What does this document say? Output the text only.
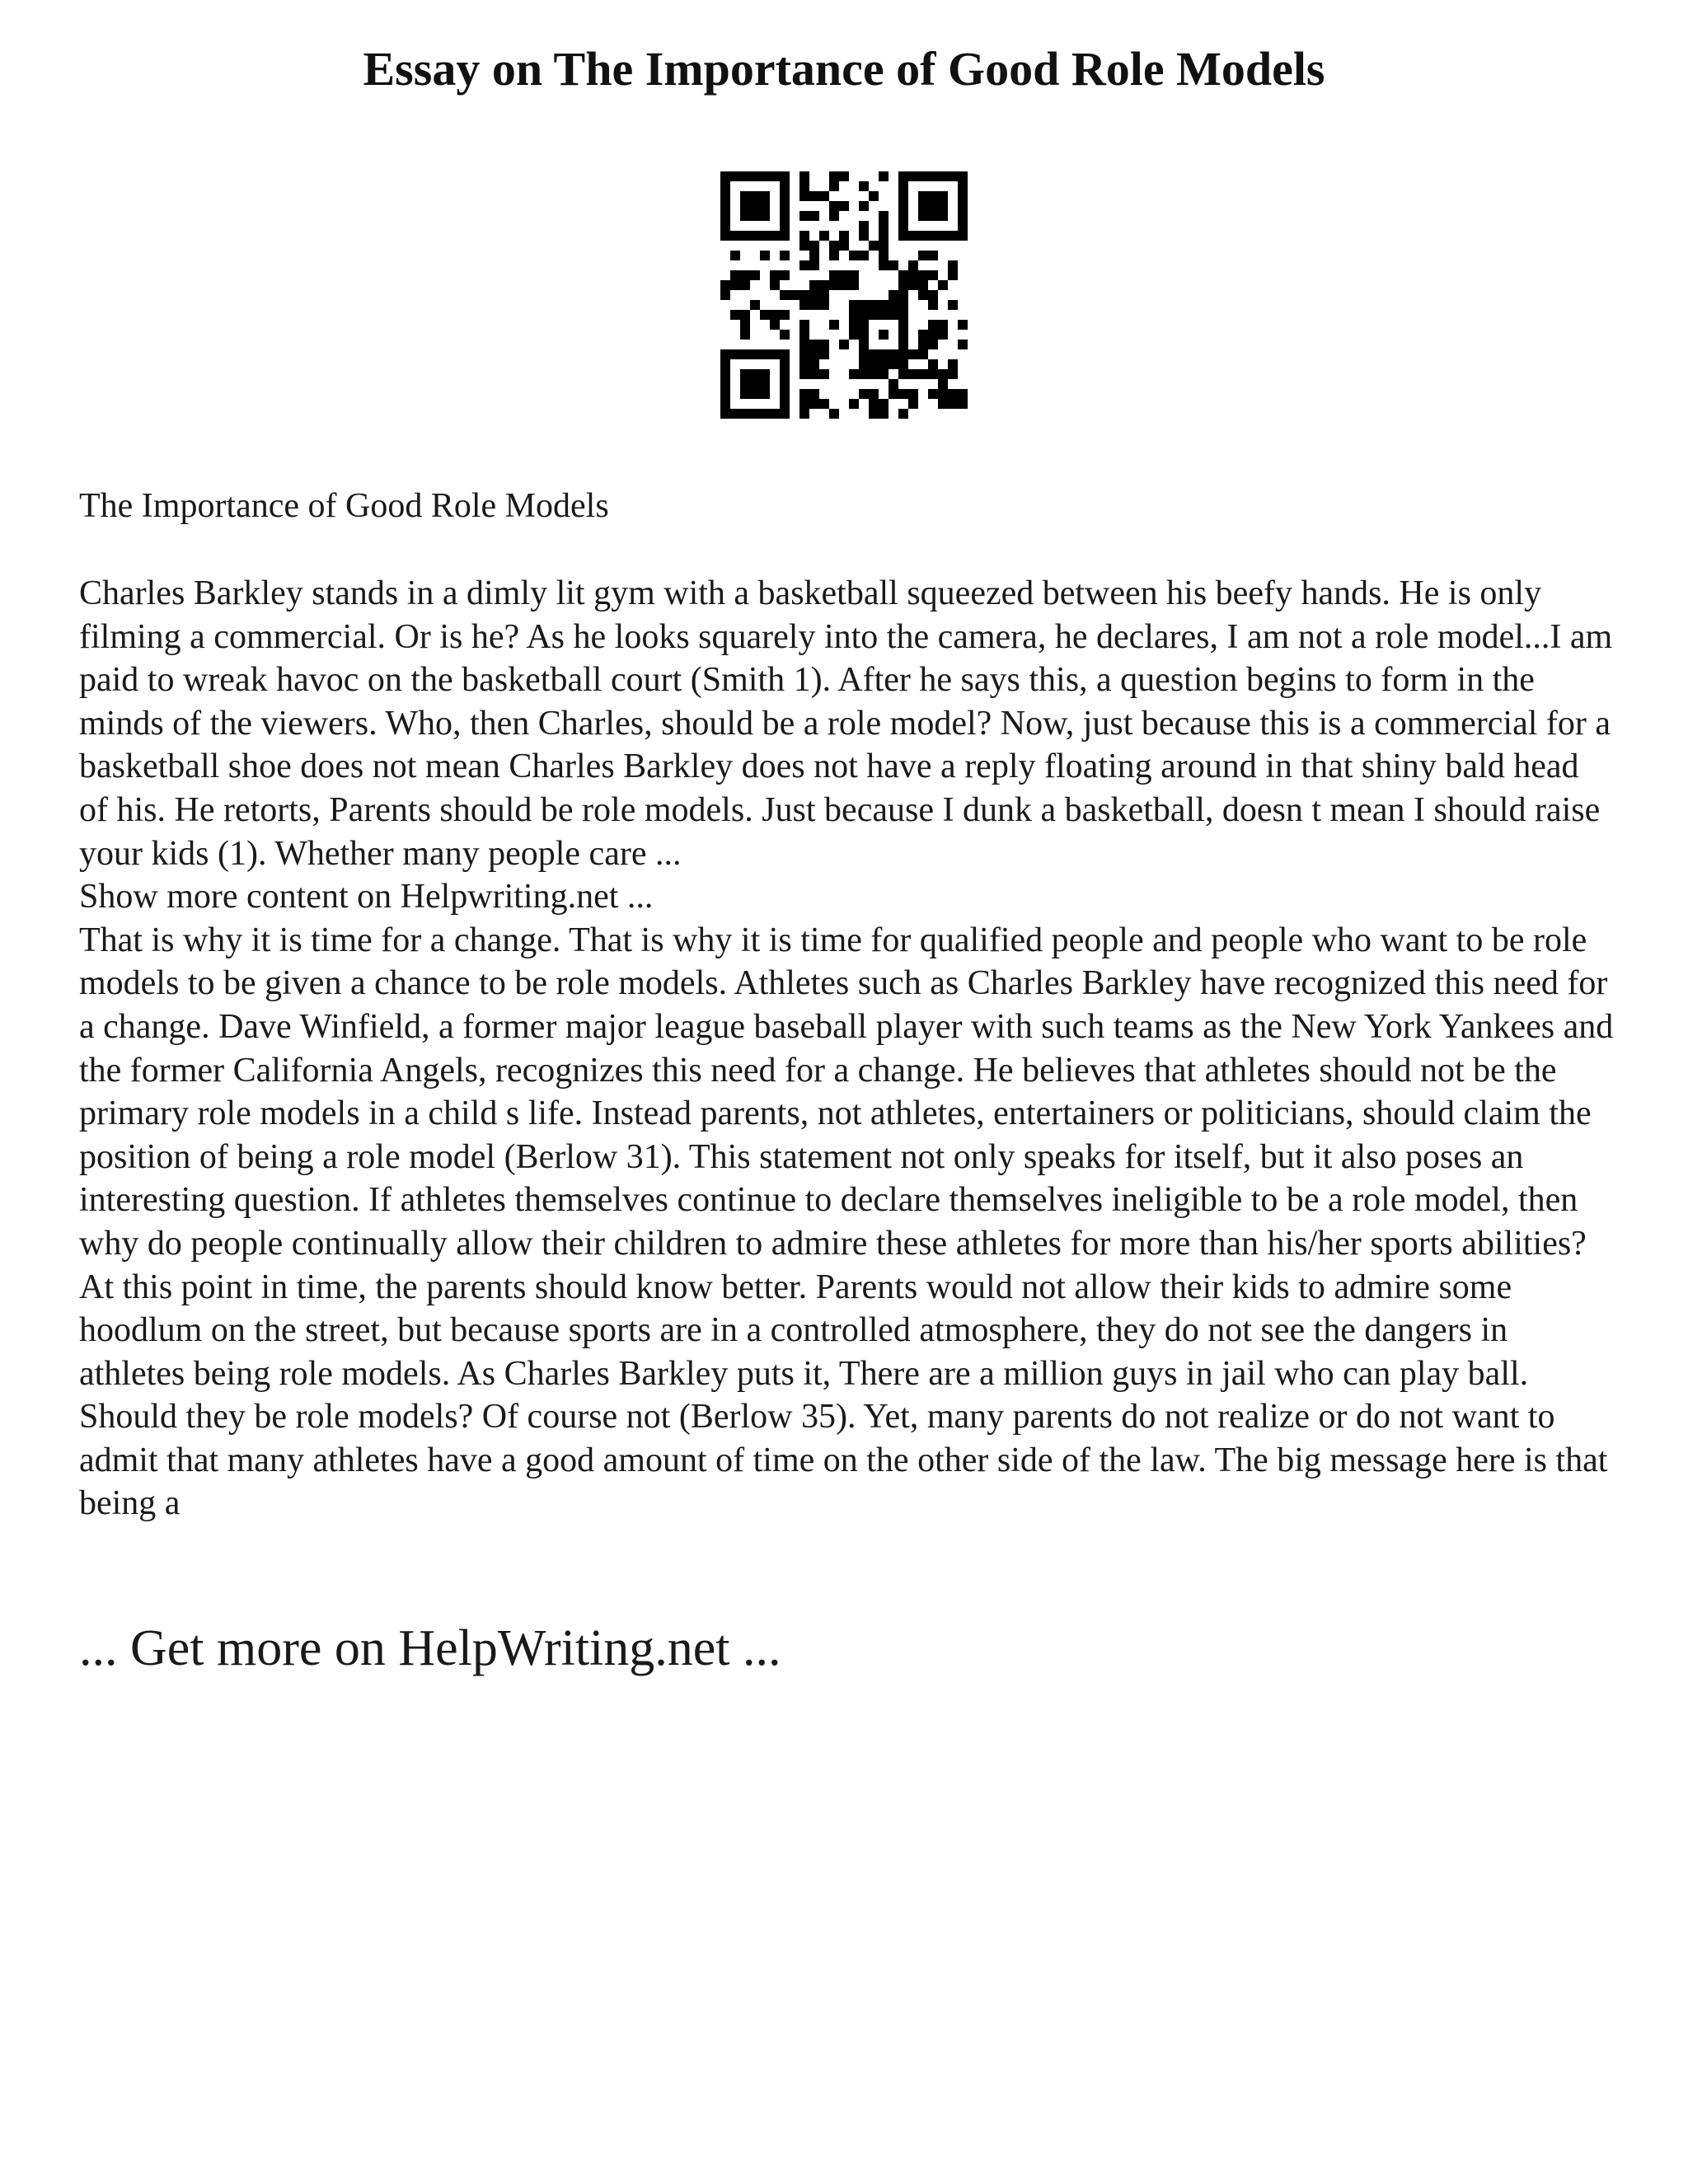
Essay on The Importance of Good Role Models

The Importance of Good Role Models

Charles Barkley stands in a dimly lit gym with a basketball squeezed between his beefy hands. He is only filming a commercial. Or is he? As he looks squarely into the camera, he declares, I am not a role model...I am paid to wreak havoc on the basketball court (Smith 1). After he says this, a question begins to form in the minds of the viewers. Who, then Charles, should be a role model? Now, just because this is a commercial for a basketball shoe does not mean Charles Barkley does not have a reply floating around in that shiny bald head of his. He retorts, Parents should be role models. Just because I dunk a basketball, doesn t mean I should raise your kids (1). Whether many people care ...

Show more content on Helpwriting.net ...

That is why it is time for a change. That is why it is time for qualified people and people who want to be role models to be given a chance to be role models. Athletes such as Charles Barkley have recognized this need for a change. Dave Winfield, a former major league baseball player with such teams as the New York Yankees and the former California Angels, recognizes this need for a change. He believes that athletes should not be the primary role models in a child s life. Instead parents, not athletes, entertainers or politicians, should claim the position of being a role model (Berlow 31). This statement not only speaks for itself, but it also poses an interesting question. If athletes themselves continue to declare themselves ineligible to be a role model, then why do people continually allow their children to admire these athletes for more than his/her sports abilities? At this point in time, the parents should know better. Parents would not allow their kids to admire some hoodlum on the street, but because sports are in a controlled atmosphere, they do not see the dangers in athletes being role models. As Charles Barkley puts it, There are a million guys in jail who can play ball. Should they be role models? Of course not (Berlow 35). Yet, many parents do not realize or do not want to admit that many athletes have a good amount of time on the other side of the law. The big message here is that being a

... Get more on HelpWriting.net ...
